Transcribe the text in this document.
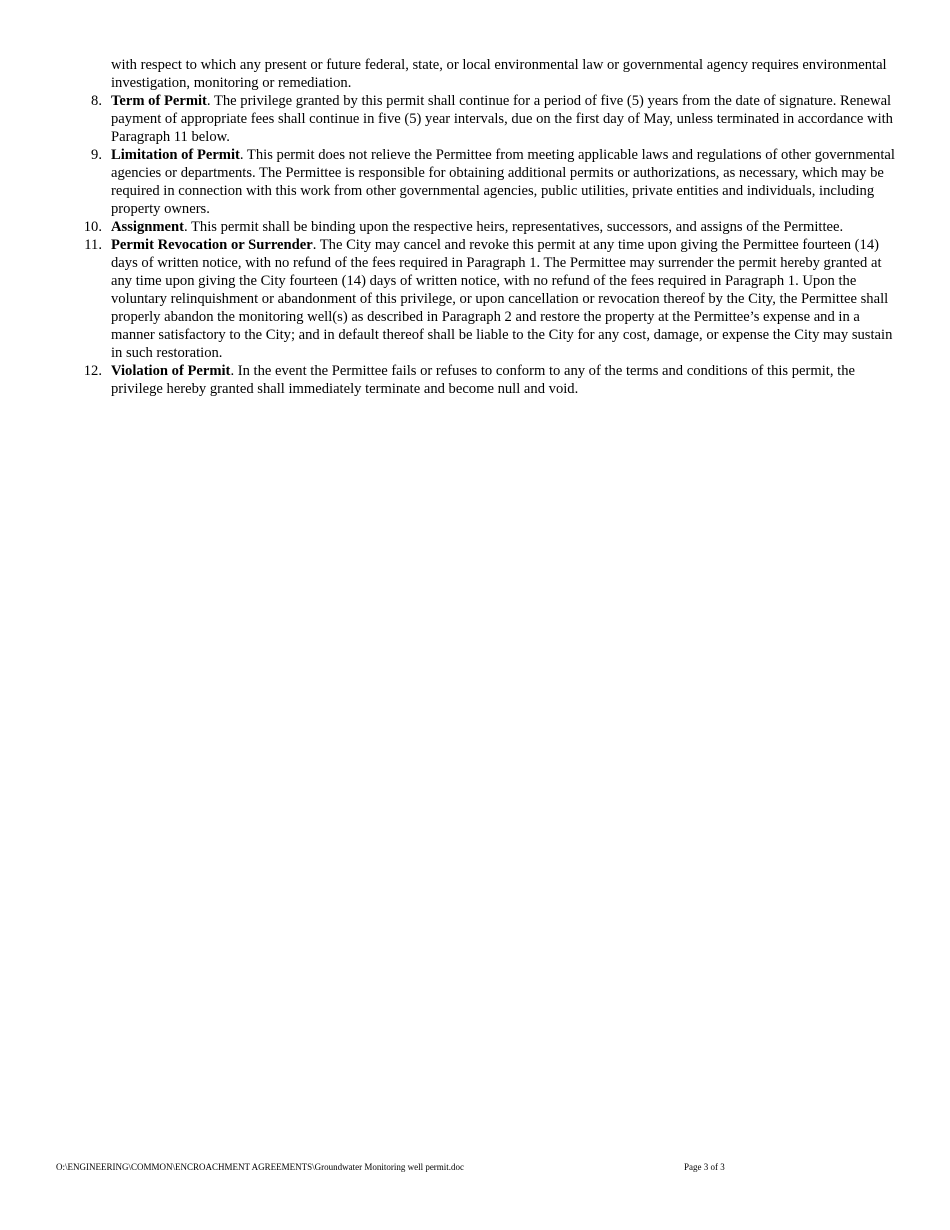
with respect to which any present or future federal, state, or local environmental law or governmental agency requires environmental investigation, monitoring or remediation.

8. Term of Permit. The privilege granted by this permit shall continue for a period of five (5) years from the date of signature. Renewal payment of appropriate fees shall continue in five (5) year intervals, due on the first day of May, unless terminated in accordance with Paragraph 11 below.
9. Limitation of Permit. This permit does not relieve the Permittee from meeting applicable laws and regulations of other governmental agencies or departments. The Permittee is responsible for obtaining additional permits or authorizations, as necessary, which may be required in connection with this work from other governmental agencies, public utilities, private entities and individuals, including property owners.
10. Assignment. This permit shall be binding upon the respective heirs, representatives, successors, and assigns of the Permittee.
11. Permit Revocation or Surrender. The City may cancel and revoke this permit at any time upon giving the Permittee fourteen (14) days of written notice, with no refund of the fees required in Paragraph 1. The Permittee may surrender the permit hereby granted at any time upon giving the City fourteen (14) days of written notice, with no refund of the fees required in Paragraph 1. Upon the voluntary relinquishment or abandonment of this privilege, or upon cancellation or revocation thereof by the City, the Permittee shall properly abandon the monitoring well(s) as described in Paragraph 2 and restore the property at the Permittee’s expense and in a manner satisfactory to the City; and in default thereof shall be liable to the City for any cost, damage, or expense the City may sustain in such restoration.
12. Violation of Permit. In the event the Permittee fails or refuses to conform to any of the terms and conditions of this permit, the privilege hereby granted shall immediately terminate and become null and void.
O:\ENGINEERING\COMMON\ENCROACHMENT AGREEMENTS\Groundwater Monitoring well permit.doc	Page 3 of 3
